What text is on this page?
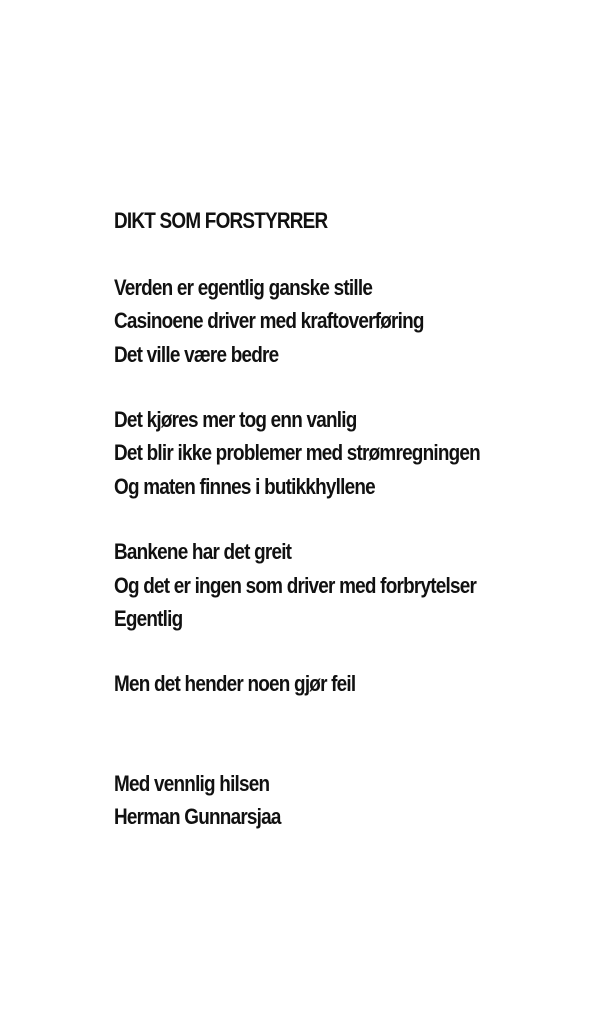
DIKT SOM FORSTYRRER
Verden er egentlig ganske stille
Casinoene driver med kraftoverføring
Det ville være bedre
Det kjøres mer tog enn vanlig
Det blir ikke problemer med strømregningen
Og maten finnes i butikkhyllene
Bankene har det greit
Og det er ingen som driver med forbrytelser
Egentlig
Men det hender noen gjør feil
Med vennlig hilsen
Herman Gunnarsjaa
